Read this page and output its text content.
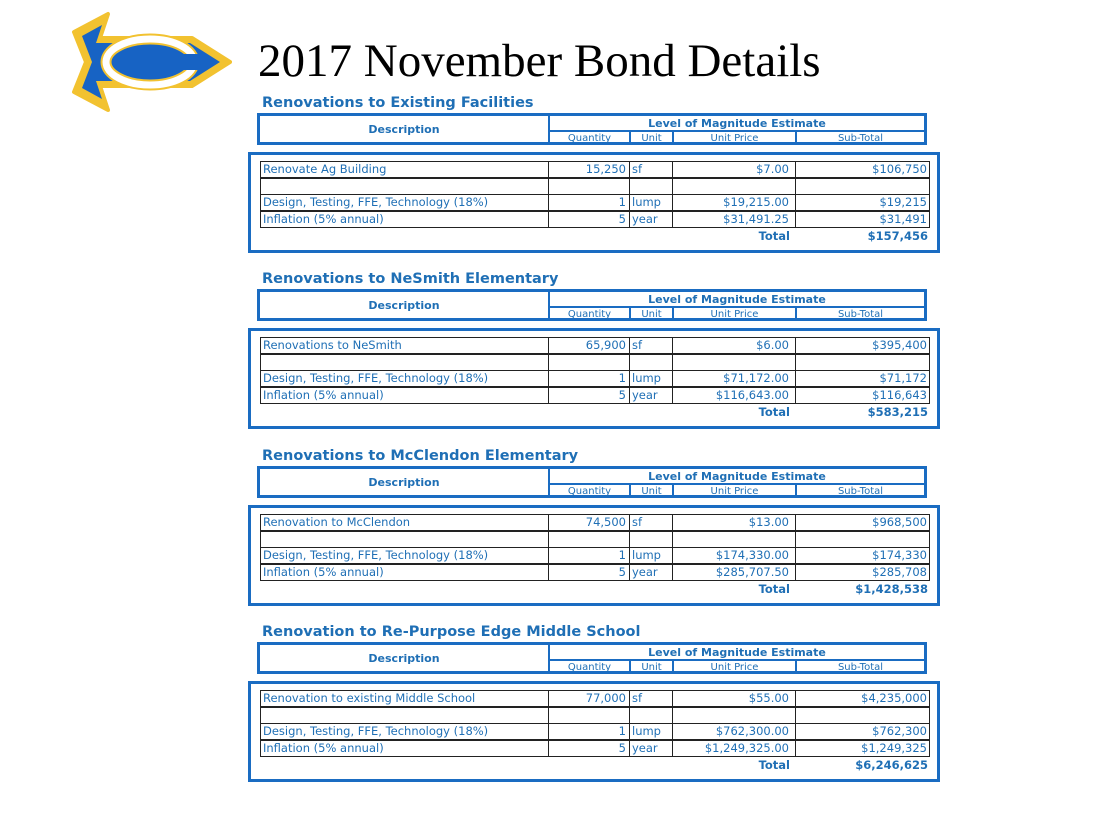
2017 November Bond Details
Renovations to Existing Facilities
Description	Level of Magnitude Estimate
Quantity	Unit	Unit Price	Sub-Total
Renovate Ag Building	15,250 sf	$7.00	$106,750
Design, Testing, FFE, Technology (18%)	1 lump	$19,215.00	$19,215
Inflation (5% annual)	5 year	$31,491.25	$31,491
Total	$157,456
Renovations to NeSmith Elementary
Description	Level of Magnitude Estimate
Quantity	Unit	Unit Price	Sub-Total
Renovations to NeSmith	65,900 sf	$6.00	$395,400
Design, Testing, FFE, Technology (18%)	1 lump	$71,172.00	$71,172
Inflation (5% annual)	5 year	$116,643.00	$116,643
Total	$583,215
Renovations to McClendon Elementary
Description	Level of Magnitude Estimate
Quantity	Unit	Unit Price	Sub-Total
Renovation to McClendon	74,500 sf	$13.00	$968,500
Design, Testing, FFE, Technology (18%)	1 lump	$174,330.00	$174,330
Inflation (5% annual)	5 year	$285,707.50	$285,708
Total	$1,428,538
Renovation to Re-Purpose Edge Middle School
Description	Level of Magnitude Estimate
Quantity	Unit	Unit Price	Sub-Total
Renovation to existing Middle School	77,000 sf	$55.00	$4,235,000
Design, Testing, FFE, Technology (18%)	1 lump	$762,300.00	$762,300
Inflation (5% annual)	5 year	$1,249,325.00	$1,249,325
Total	$6,246,625
